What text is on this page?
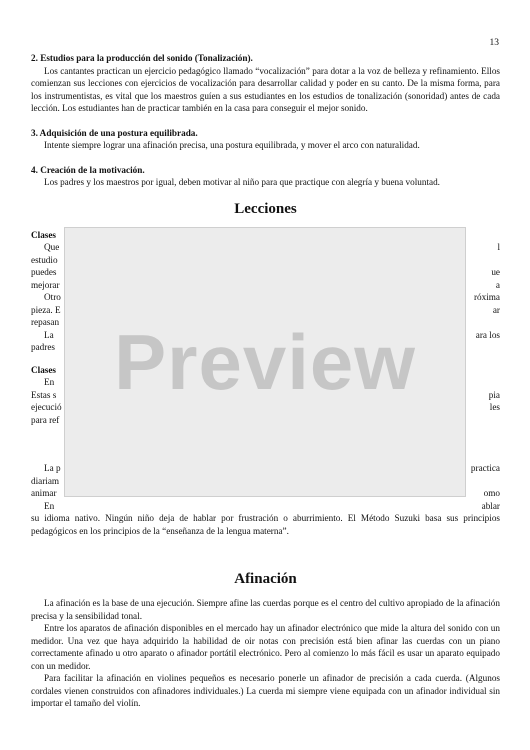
13
2. Estudios para la producción del sonido (Tonalización).

Los cantantes practican un ejercicio pedagógico llamado “vocalización” para dotar a la voz de belleza y refinamiento. Ellos comienzan sus lecciones con ejercicios de vocalización para desarrollar calidad y poder en su canto. De la misma forma, para los instrumentistas, es vital que los maestros guíen a sus estudiantes en los estudios de tonalización (sonoridad) antes de cada lección. Los estudiantes han de practicar también en la casa para conseguir el mejor sonido.

3. Adquisición de una postura equilibrada.

Intente siempre lograr una afinación precisa, una postura equilibrada, y mover el arco con naturalidad.

4. Creación de la motivación.

Los padres y los maestros por igual, deben motivar al niño para que practique con alegría y buena voluntad.

Lecciones
Clases
Que	l
estudio
puedes	ue
mejorar	a
Otro	róxima
pieza. E	ar
repasan
La	ara los
padres
Clases
En
Estas s	pia
ejecució	les
para ref
La p	practica
diariam
animar	omo
En	ablar

su idioma nativo. Ningún niño deja de hablar por frustración o aburrimiento. El Método Suzuki basa sus principios pedagógicos en los principios de la “enseñanza de la lengua materna”.

Preview
Afinación

La afinación es la base de una ejecución. Siempre afine las cuerdas porque es el centro del cultivo apropiado de la afinación precisa y la sensibilidad tonal.

Entre los aparatos de afinación disponibles en el mercado hay un afinador electrónico que mide la altura del sonido con un medidor. Una vez que haya adquirido la habilidad de oir notas con precisión está bien afinar las cuerdas con un piano correctamente afinado u otro aparato o afinador portátil electrónico. Pero al comienzo lo más fácil es usar un aparato equipado con un medidor.

Para facilitar la afinación en violines pequeños es necesario ponerle un afinador de precisión a cada cuerda. (Algunos cordales vienen construidos con afinadores individuales.) La cuerda mi siempre viene equipada con un afinador individual sin importar el tamaño del violín.
